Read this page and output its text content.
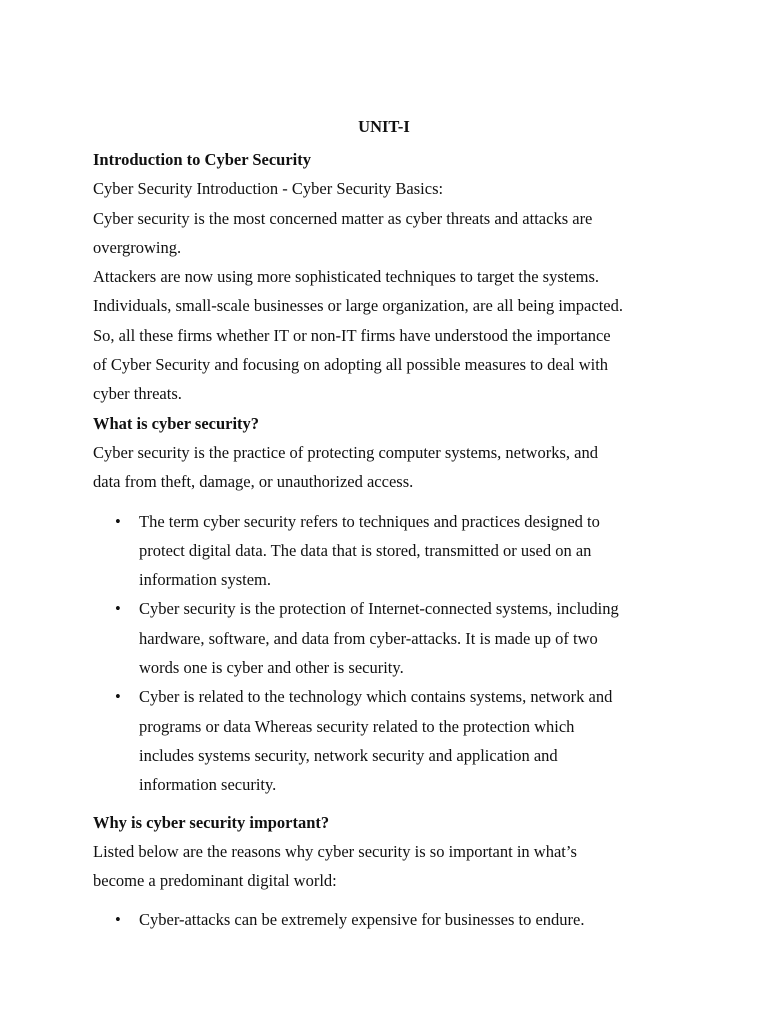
UNIT-I

Introduction to Cyber Security

Cyber Security Introduction - Cyber Security Basics:

Cyber security is the most concerned matter as cyber threats and attacks are

overgrowing.

Attackers are now using more sophisticated techniques to target the systems.

Individuals, small-scale businesses or large organization, are all being impacted.

So, all these firms whether IT or non-IT firms have understood the importance

of Cyber Security and focusing on adopting all possible measures to deal with

cyber threats.

What is cyber security?

Cyber security is the practice of protecting computer systems, networks, and

data from theft, damage, or unauthorized access.

• The term cyber security refers to techniques and practices designed to
protect digital data. The data that is stored, transmitted or used on an
information system.
• Cyber security is the protection of Internet-connected systems, including
hardware, software, and data from cyber-attacks. It is made up of two
words one is cyber and other is security.
• Cyber is related to the technology which contains systems, network and
programs or data Whereas security related to the protection which
includes systems security, network security and application and
information security.

Why is cyber security important?

Listed below are the reasons why cyber security is so important in what’s

become a predominant digital world:

• Cyber-attacks can be extremely expensive for businesses to endure.
